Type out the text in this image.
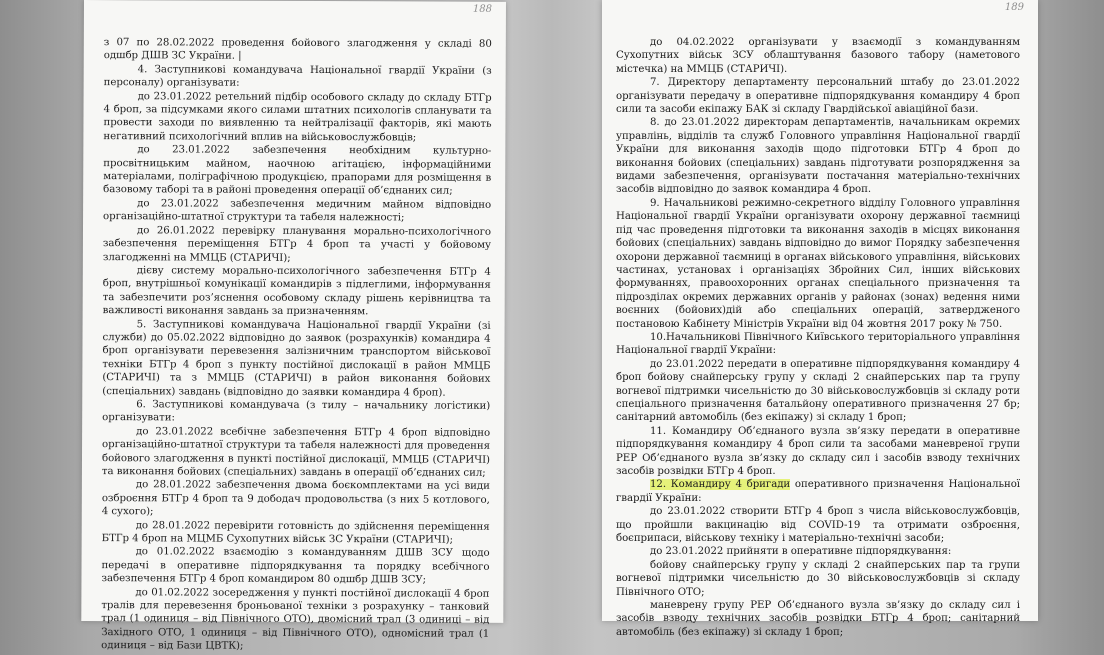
188

з 07 по 28.02.2022 проведення бойового злагодження у складі 80 одшбр ДШВ ЗС України. |

4. Заступникові командувача Національної гвардії України (з персоналу) організувати:

до 23.01.2022 ретельний підбір особового складу до складу БТГр 4 броп, за підсумками якого силами штатних психологів спланувати та провести заходи по виявленню та нейтралізації факторів, які мають негативний психологічний вплив на військовослужбовців;

до 23.01.2022 забезпечення необхідним культурно-просвітницьким майном, наочною агітацією, інформаційними матеріалами, поліграфічною продукцією, прапорами для розміщення в базовому таборі та в районі проведення операції об’єднаних сил;

до 23.01.2022 забезпечення медичним майном відповідно організаційно-штатної структури та табеля належності;

до 26.01.2022 перевірку планування морально-психологічного забезпечення переміщення БТГр 4 броп та участі у бойовому злагодженні на ММЦБ (СТАРИЧІ);

дієву систему морально-психологічного забезпечення БТГр 4 броп, внутрішньої комунікації командирів з підлеглими, інформування та забезпечити роз’яснення особовому складу рішень керівництва та важливості виконання завдань за призначенням.

5. Заступникові командувача Національної гвардії України (зі служби) до 05.02.2022 відповідно до заявок (розрахунків) командира 4 броп організувати перевезення залізничним транспортом військової техніки БТГр 4 броп з пункту постійної дислокації в район ММЦБ (СТАРИЧІ) та з ММЦБ (СТАРИЧІ) в район виконання бойових (спеціальних) завдань (відповідно до заявки командира 4 броп).

6. Заступникові командувача (з тилу – начальнику логістики) організувати:

до 23.01.2022 всебічне забезпечення БТГр 4 броп відповідно організаційно-штатної структури та табеля належності для проведення бойового злагодження в пункті постійної дислокації, ММЦБ (СТАРИЧІ) та виконання бойових (спеціальних) завдань в операції об’єднаних сил;

до 28.01.2022 забезпечення двома боєкомплектами на усі види озброєння БТГр 4 броп та 9 дободач продовольства (з них 5 котлового, 4 сухого);

до 28.01.2022 перевірити готовність до здійснення переміщення БТГр 4 броп на МЦМБ Сухопутних військ ЗС України (СТАРИЧІ);

до 01.02.2022 взаємодію з командуванням ДШВ ЗСУ щодо передачі в оперативне підпорядкування та порядку всебічного забезпечення БТГр 4 броп командиром 80 одшбр ДШВ ЗСУ;

до 01.02.2022 зосередження у пункті постійної дислокації 4 броп тралів для перевезення броньованої техніки з розрахунку – танковий трал (1 одиниця – від Північного ОТО), двомісний трал (3 одиниці – від Західного ОТО, 1 одиниця – від Північного ОТО), одномісний трал (1 одиниця – від Бази ЦВТК);

189

до 04.02.2022 організувати у взаємодії з командуванням Сухопутних військ ЗСУ облаштування базового табору (наметового містечка) на ММЦБ (СТАРИЧІ).

7. Директору департаменту персональний штабу до 23.01.2022 організувати передачу в оперативне підпорядкування командиру 4 броп сили та засоби екіпажу БАК зі складу Гвардійської авіаційної бази.

8. до 23.01.2022 директорам департаментів, начальникам окремих управлінь, відділів та служб Головного управління Національної гвардії України для виконання заходів щодо підготовки БТГр 4 броп до виконання бойових (спеціальних) завдань підготувати розпорядження за видами забезпечення, організувати постачання матеріально-технічних засобів відповідно до заявок командира 4 броп.

9. Начальникові режимно-секретного відділу Головного управління Національної гвардії України організувати охорону державної таємниці під час проведення підготовки та виконання заходів в місцях виконання бойових (спеціальних) завдань відповідно до вимог Порядку забезпечення охорони державної таємниці в органах військового управління, військових частинах, установах і організаціях Збройних Сил, інших військових формуваннях, правоохоронних органах спеціального призначення та підрозділах окремих державних органів у районах (зонах) ведення ними воєнних (бойових)дій або спеціальних операцій, затвердженого постановою Кабінету Міністрів України від 04 жовтня 2017 року № 750.

10.Начальникові Північного Київського територіального управління Національної гвардії України:

до 23.01.2022 передати в оперативне підпорядкування командиру 4 броп бойову снайперську групу у складі 2 снайперських пар та групу вогневої підтримки чисельністю до 30 військовослужбовців зі складу роти спеціального призначення батальйону оперативного призначення 27 бр; санітарний автомобіль (без екіпажу) зі складу 1 броп;

11. Командиру Об’єднаного вузла зв’язку передати в оперативне підпорядкування командиру 4 броп сили та засобами маневреної групи РЕР Об’єднаного вузла зв’язку до складу сил і засобів взводу технічних засобів розвідки БТГр 4 броп.

12. Командиру 4 бригади оперативного призначення Національної гвардії України:

до 23.01.2022 створити БТГр 4 броп з числа військовослужбовців, що пройшли вакцинацію від COVID-19 та отримати озброєння, боєприпаси, військову техніку і матеріально-технічні засоби;

до 23.01.2022 прийняти в оперативне підпорядкування:

бойову снайперську групу у складі 2 снайперських пар та групи вогневої підтримки чисельністю до 30 військовослужбовців зі складу Північного ОТО;

маневрену групу РЕР Об’єднаного вузла зв’язку до складу сил і засобів взводу технічних засобів розвідки БТГр 4 броп; санітарний автомобіль (без екіпажу) зі складу 1 броп;
